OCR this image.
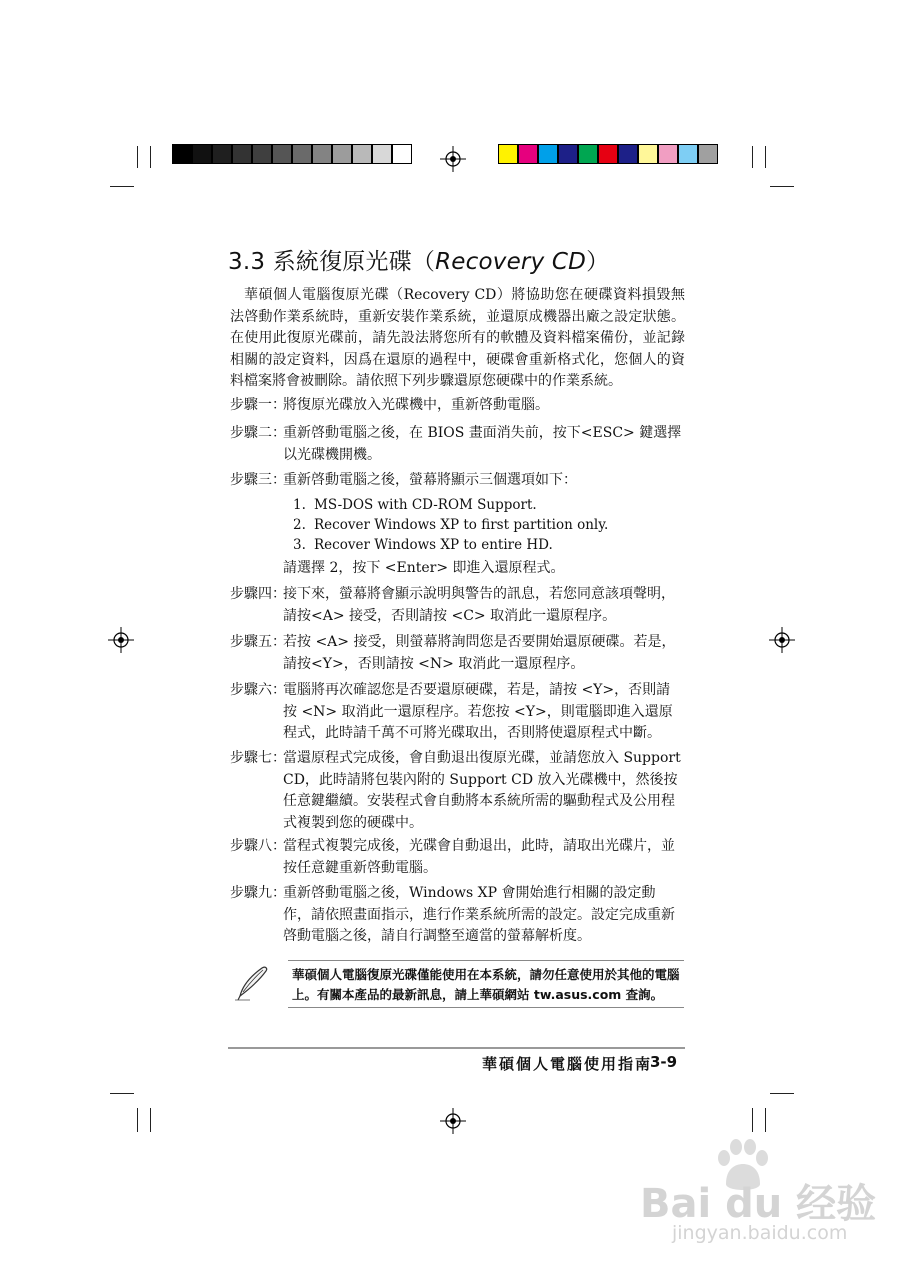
3.3 系統復原光碟（Recovery CD）
華碩個人電腦復原光碟（Recovery CD）將協助您在硬碟資料損毀無法啓動作業系統時，重新安裝作業系統，並還原成機器出廠之設定狀態。在使用此復原光碟前，請先設法將您所有的軟體及資料檔案備份，並記錄相關的設定資料，因爲在還原的過程中，硬碟會重新格式化，您個人的資料檔案將會被刪除。請依照下列步驟還原您硬碟中的作業系統。
步驟一：
將復原光碟放入光碟機中，重新啓動電腦。
步驟二：
重新啓動電腦之後，在 BIOS 畫面消失前，按下<ESC> 鍵選擇以光碟機開機。
步驟三：
重新啓動電腦之後，螢幕將顯示三個選項如下：
1. MS-DOS with CD-ROM Support.
2. Recover Windows XP to first partition only.
3. Recover Windows XP to entire HD.
請選擇 2，按下 <Enter> 即進入還原程式。
步驟四：
接下來，螢幕將會顯示說明與警告的訊息，若您同意該項聲明，請按<A> 接受，否則請按 <C> 取消此一還原程序。
步驟五：
若按 <A> 接受，則螢幕將詢問您是否要開始還原硬碟。若是，請按<Y>，否則請按 <N> 取消此一還原程序。
步驟六：
電腦將再次確認您是否要還原硬碟，若是，請按 <Y>，否則請按 <N> 取消此一還原程序。若您按 <Y>，則電腦即進入還原程式，此時請千萬不可將光碟取出，否則將使還原程式中斷。
步驟七：
當還原程式完成後，會自動退出復原光碟，並請您放入 Support CD，此時請將包裝內附的 Support CD 放入光碟機中，然後按任意鍵繼續。安裝程式會自動將本系統所需的驅動程式及公用程式複製到您的硬碟中。
步驟八：
當程式複製完成後，光碟會自動退出，此時，請取出光碟片，並按任意鍵重新啓動電腦。
步驟九：
重新啓動電腦之後，Windows XP 會開始進行相關的設定動作，請依照畫面指示，進行作業系統所需的設定。設定完成重新啓動電腦之後，請自行調整至適當的螢幕解析度。
華碩個人電腦復原光碟僅能使用在本系統，請勿任意使用於其他的電腦上。有關本產品的最新訊息，請上華碩網站 tw.asus.com 查詢。
華碩個人電腦使用指南
3-9
Bai du 经验
jingyan.baidu.com
